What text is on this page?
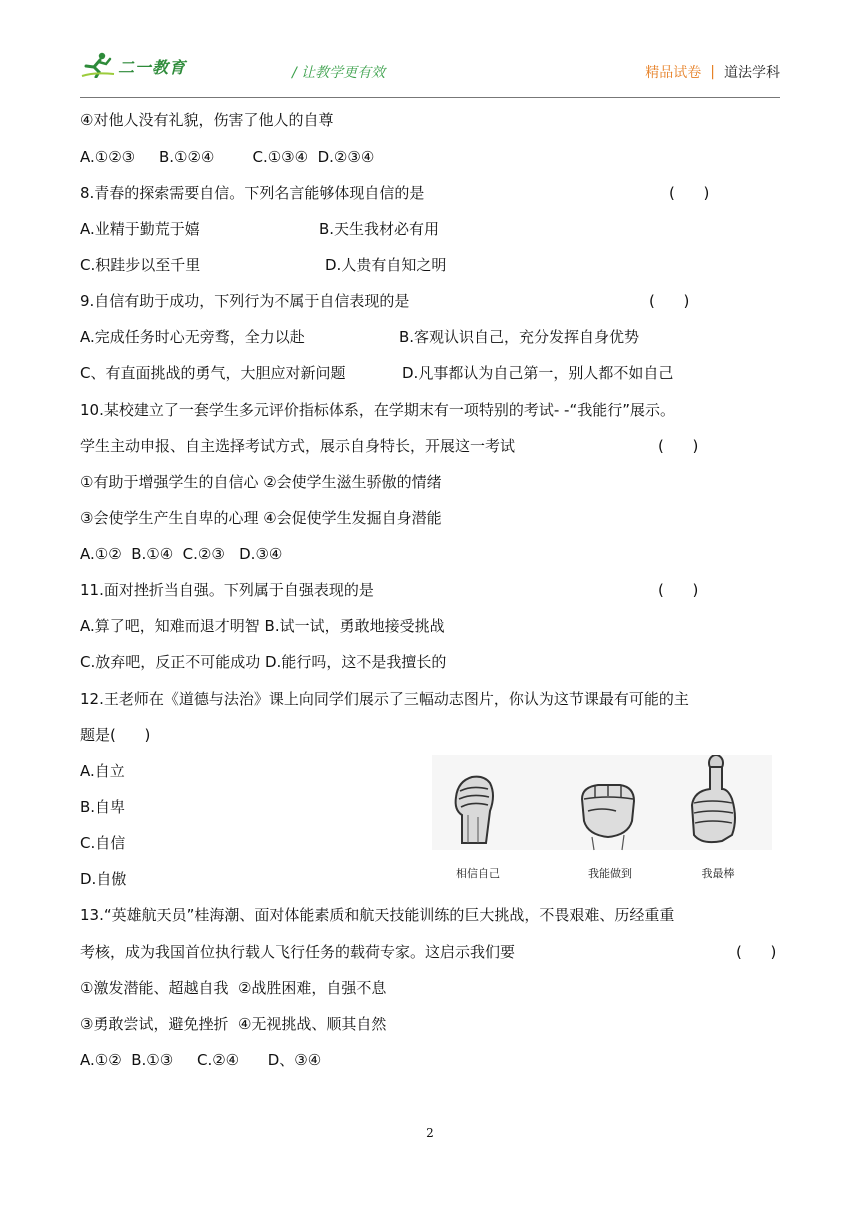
二一教育	/ 让教学更有效	精品试卷 | 道法学科
④对他人没有礼貌，伤害了他人的自尊
A.①②③     B.①②④        C.①③④  D.②③④
8.青春的探索需要自信。下列名言能够体现自信的是	(      )
A.业精于勤荒于嬉	B.天生我材必有用
C.积跬步以至千里	D.人贵有自知之明
9.自信有助于成功，下列行为不属于自信表现的是	(      )
A.完成任务时心无旁骛，全力以赴	B.客观认识自己，充分发挥自身优势
C、有直面挑战的勇气，大胆应对新问题	D.凡事都认为自己第一，别人都不如自己
10.某校建立了一套学生多元评价指标体系，在学期末有一项特别的考试- -“我能行”展示。
学生主动申报、自主选择考试方式，展示自身特长，开展这一考试	(      )
①有助于增强学生的自信心 ②会使学生滋生骄傲的情绪
③会使学生产生自卑的心理 ④会促使学生发掘自身潜能
A.①②  B.①④  C.②③   D.③④
11.面对挫折当自强。下列属于自强表现的是	(      )
A.算了吧，知难而退才明智 B.试一试，勇敢地接受挑战
C.放弃吧，反正不可能成功 D.能行吗，这不是我擅长的
12.王老师在《道德与法治》课上向同学们展示了三幅动志图片，你认为这节课最有可能的主
题是(      )
A.自立
B.自卑
C.自信
D.自傲	相信自己	我能做到	我最棒
13.“英雄航天员”桂海潮、面对体能素质和航天技能训练的巨大挑战，不畏艰难、历经重重
考核，成为我国首位执行载人飞行任务的载荷专家。这启示我们要	(      )
①激发潜能、超越自我  ②战胜困难，自强不息
③勇敢尝试，避免挫折  ④无视挑战、顺其自然
A.①②  B.①③     C.②④      D、③④
2
